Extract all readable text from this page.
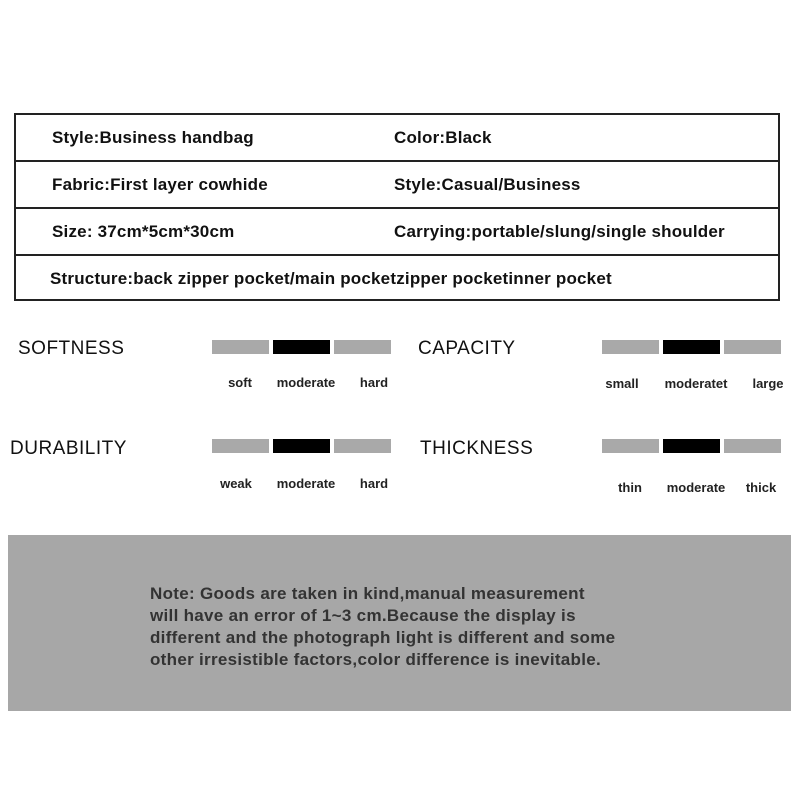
Style:Business handbag	Color:Black
Fabric:First layer cowhide	Style:Casual/Business
Size: 37cm*5cm*30cm	Carrying:portable/slung/single shoulder
Structure:back zipper pocket/main pocketzipper pocketinner pocket
SOFTNESS
soft moderate hard
CAPACITY
small moderatet large
DURABILITY
weak moderate hard
THICKNESS
thin moderate thick
Note: Goods are taken in kind,manual measurement
will have an error of 1~3 cm.Because the display is
different and the photograph light is different and some
other irresistible factors,color difference is inevitable.
